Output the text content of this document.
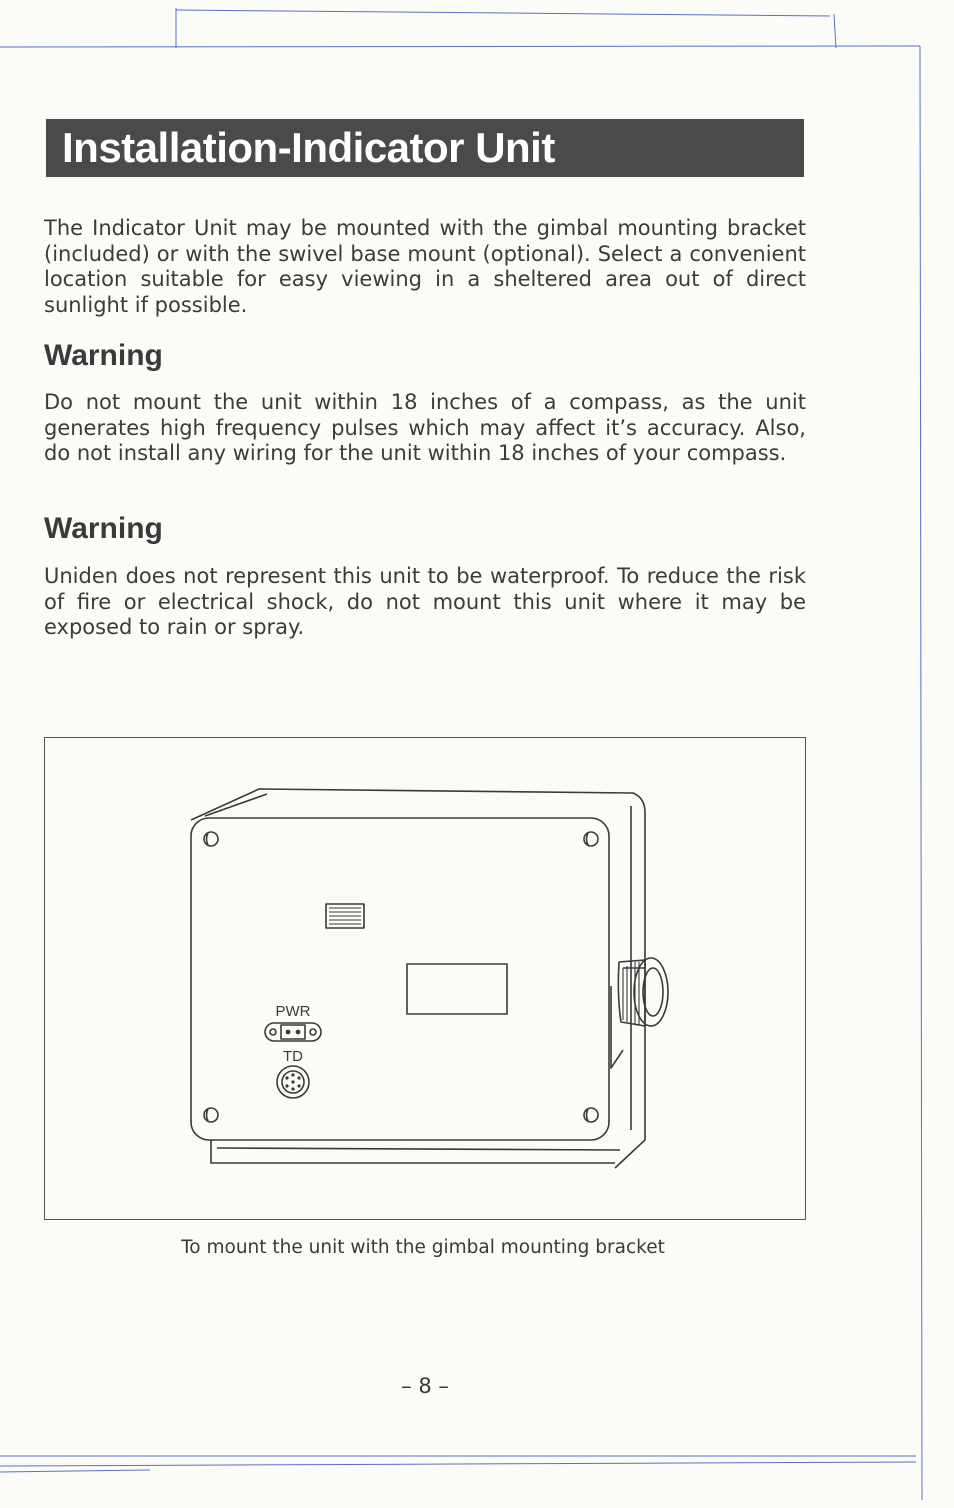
Installation-Indicator Unit

The Indicator Unit may be mounted with the gimbal mounting bracket (included) or with the swivel base mount (optional). Select a convenient location suitable for easy viewing in a sheltered area out of direct sunlight if possible.

Warning

Do not mount the unit within 18 inches of a compass, as the unit generates high frequency pulses which may affect it’s accuracy. Also, do not install any wiring for the unit within 18 inches of your compass.

Warning

Uniden does not represent this unit to be waterproof. To reduce the risk of fire or electrical shock, do not mount this unit where it may be exposed to rain or spray.

PWR
TD
To mount the unit with the gimbal mounting bracket
– 8 –
